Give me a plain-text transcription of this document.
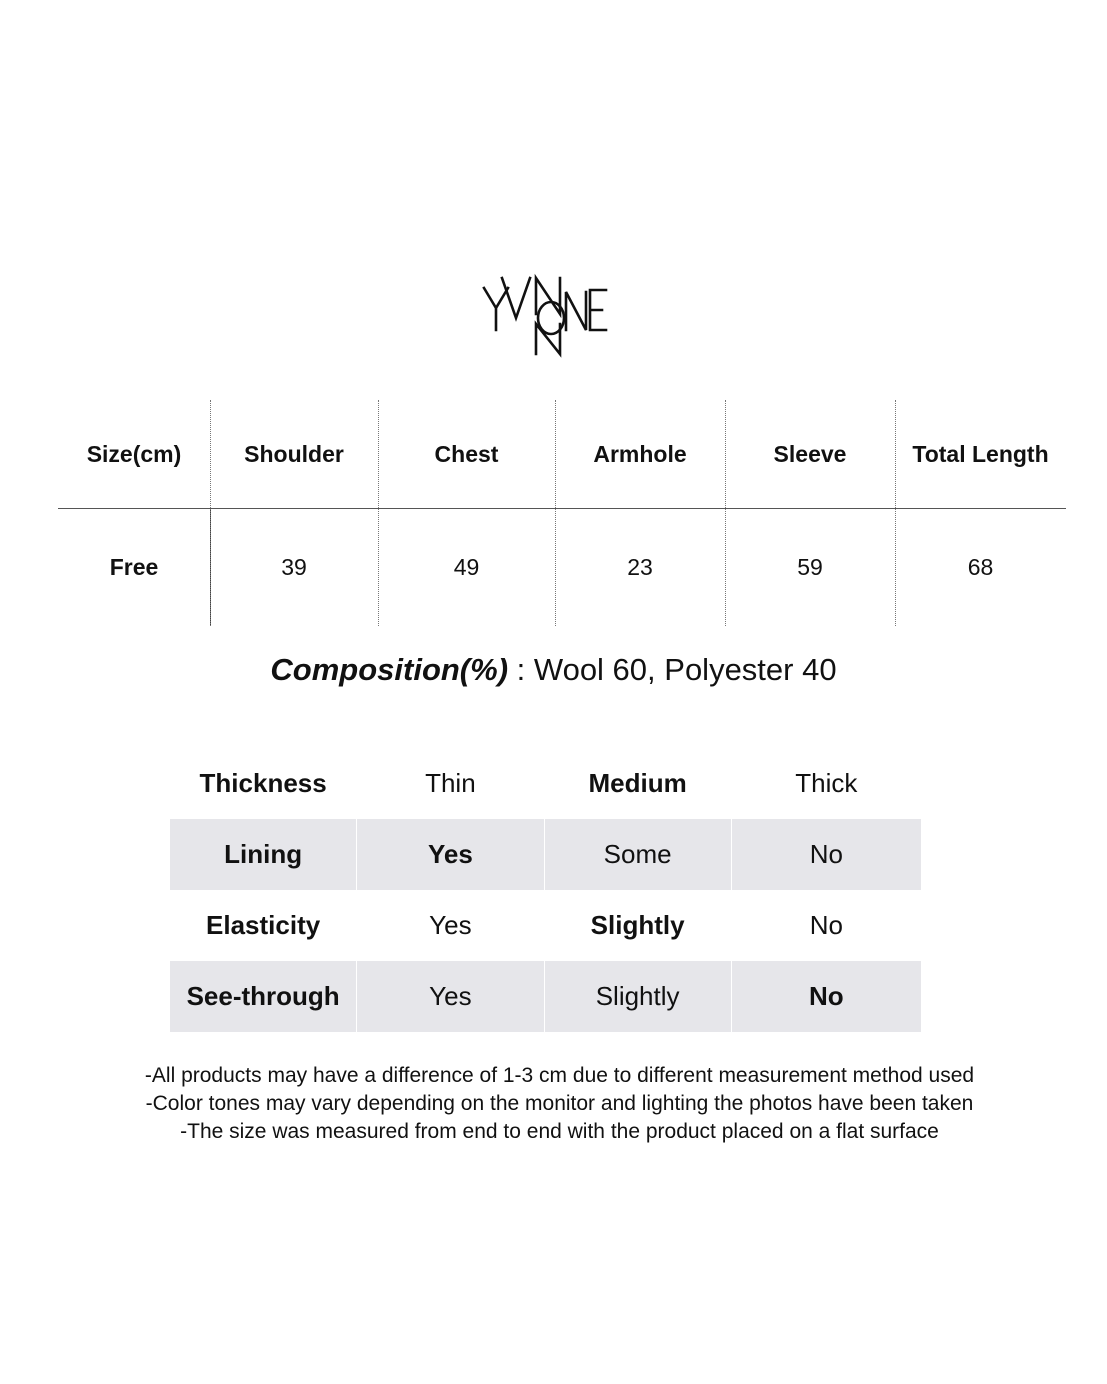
Size(cm)	Shoulder	Chest	Armhole	Sleeve	Total Length
Free	39	49	23	59	68
Composition(%) : Wool 60, Polyester 40
Thickness	Thin	Medium	Thick
Lining	Yes	Some	No
Elasticity	Yes	Slightly	No
See-through	Yes	Slightly	No
-All products may have a difference of 1-3 cm due to different measurement method used
-Color tones may vary depending on the monitor and lighting the photos have been taken
-The size was measured from end to end with the product placed on a flat surface
